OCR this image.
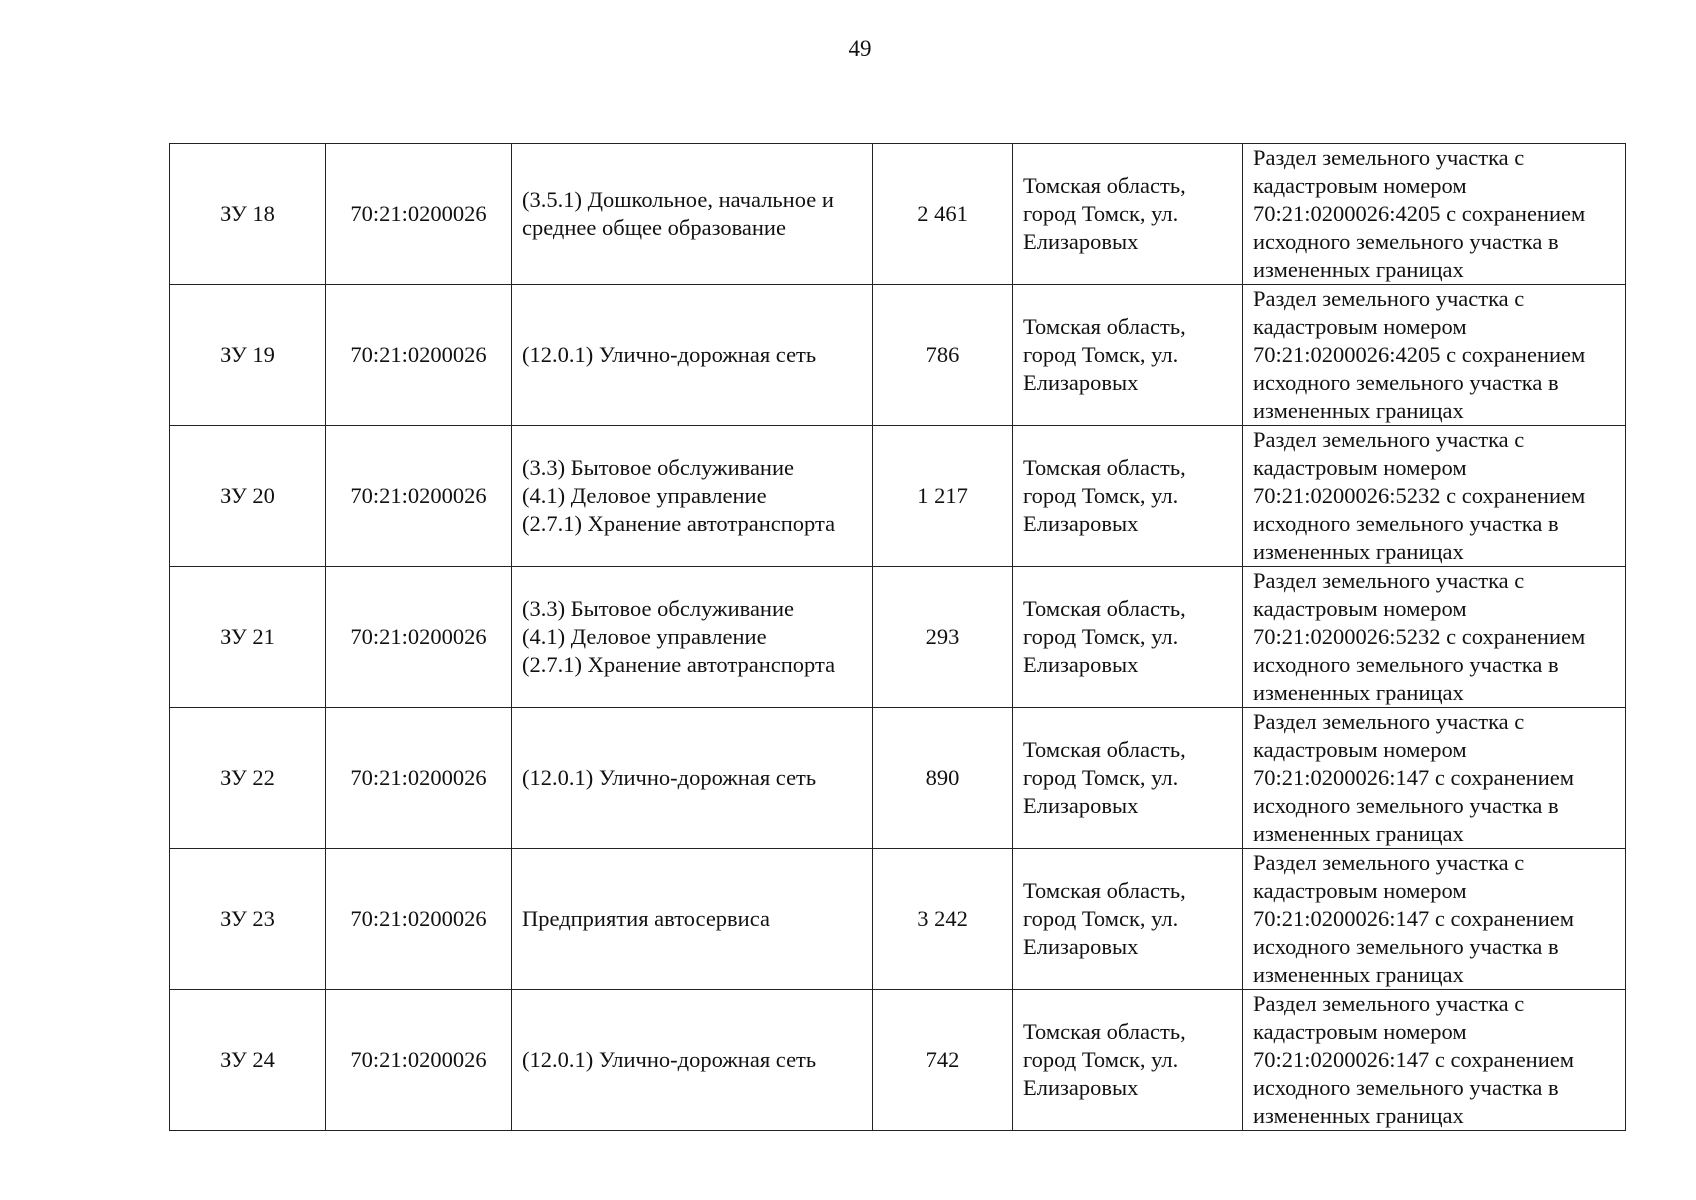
49
ЗУ 18	70:21:0200026	(3.5.1) Дошкольное, начальное и
среднее общее образование	2 461	Томская область,
город Томск, ул.
Елизаровых	Раздел земельного участка с
кадастровым номером
70:21:0200026:4205 с сохранением
исходного земельного участка в
измененных границах
ЗУ 19	70:21:0200026	(12.0.1) Улично-дорожная сеть	786	Томская область,
город Томск, ул.
Елизаровых	Раздел земельного участка с
кадастровым номером
70:21:0200026:4205 с сохранением
исходного земельного участка в
измененных границах
ЗУ 20	70:21:0200026	(3.3) Бытовое обслуживание
(4.1) Деловое управление
(2.7.1) Хранение автотранспорта	1 217	Томская область,
город Томск, ул.
Елизаровых	Раздел земельного участка с
кадастровым номером
70:21:0200026:5232 с сохранением
исходного земельного участка в
измененных границах
ЗУ 21	70:21:0200026	(3.3) Бытовое обслуживание
(4.1) Деловое управление
(2.7.1) Хранение автотранспорта	293	Томская область,
город Томск, ул.
Елизаровых	Раздел земельного участка с
кадастровым номером
70:21:0200026:5232 с сохранением
исходного земельного участка в
измененных границах
ЗУ 22	70:21:0200026	(12.0.1) Улично-дорожная сеть	890	Томская область,
город Томск, ул.
Елизаровых	Раздел земельного участка с
кадастровым номером
70:21:0200026:147 с сохранением
исходного земельного участка в
измененных границах
ЗУ 23	70:21:0200026	Предприятия автосервиса	3 242	Томская область,
город Томск, ул.
Елизаровых	Раздел земельного участка с
кадастровым номером
70:21:0200026:147 с сохранением
исходного земельного участка в
измененных границах
ЗУ 24	70:21:0200026	(12.0.1) Улично-дорожная сеть	742	Томская область,
город Томск, ул.
Елизаровых	Раздел земельного участка с
кадастровым номером
70:21:0200026:147 с сохранением
исходного земельного участка в
измененных границах
